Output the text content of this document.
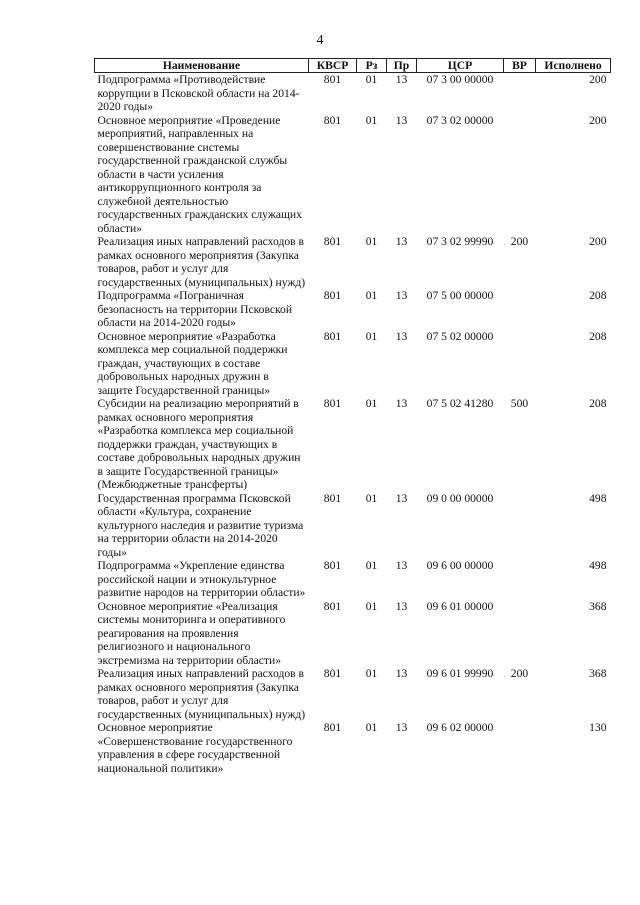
4
Наименование	КВСР	Рз	Пр	ЦСР	ВР	Исполнено
Подпрограмма «Противодействие коррупции в Псковской области на 2014-2020 годы»	801	01	13	07 3 00 00000		200
Основное мероприятие «Проведение мероприятий, направленных на совершенствование системы государственной гражданской службы области в части усиления антикоррупционного контроля за служебной деятельностью государственных гражданских служащих области»	801	01	13	07 3 02 00000		200
Реализация иных направлений расходов в рамках основного мероприятия (Закупка товаров, работ и услуг для государственных (муниципальных) нужд)	801	01	13	07 3 02 99990	200	200
Подпрограмма «Пограничная безопасность на территории Псковской области на 2014-2020 годы»	801	01	13	07 5 00 00000		208
Основное мероприятие «Разработка комплекса мер социальной поддержки граждан, участвующих в составе добровольных народных дружин в защите Государственной границы»	801	01	13	07 5 02 00000		208
Субсидии на реализацию мероприятий в рамках основного мероприятия «Разработка комплекса мер социальной поддержки граждан, участвующих в составе добровольных народных дружин в защите Государственной границы» (Межбюджетные трансферты)	801	01	13	07 5 02 41280	500	208
Государственная программа Псковской области «Культура, сохранение культурного наследия и развитие туризма на территории области на 2014-2020 годы»	801	01	13	09 0 00 00000		498
Подпрограмма «Укрепление единства российской нации и этнокультурное развитие народов на территории области»	801	01	13	09 6 00 00000		498
Основное мероприятие «Реализация системы мониторинга и оперативного реагирования на проявления религиозного и национального экстремизма на территории области»	801	01	13	09 6 01 00000		368
Реализация иных направлений расходов в рамках основного мероприятия (Закупка товаров, работ и услуг для государственных (муниципальных) нужд)	801	01	13	09 6 01 99990	200	368
Основное мероприятие «Совершенствование государственного управления в сфере государственной национальной политики»	801	01	13	09 6 02 00000		130
